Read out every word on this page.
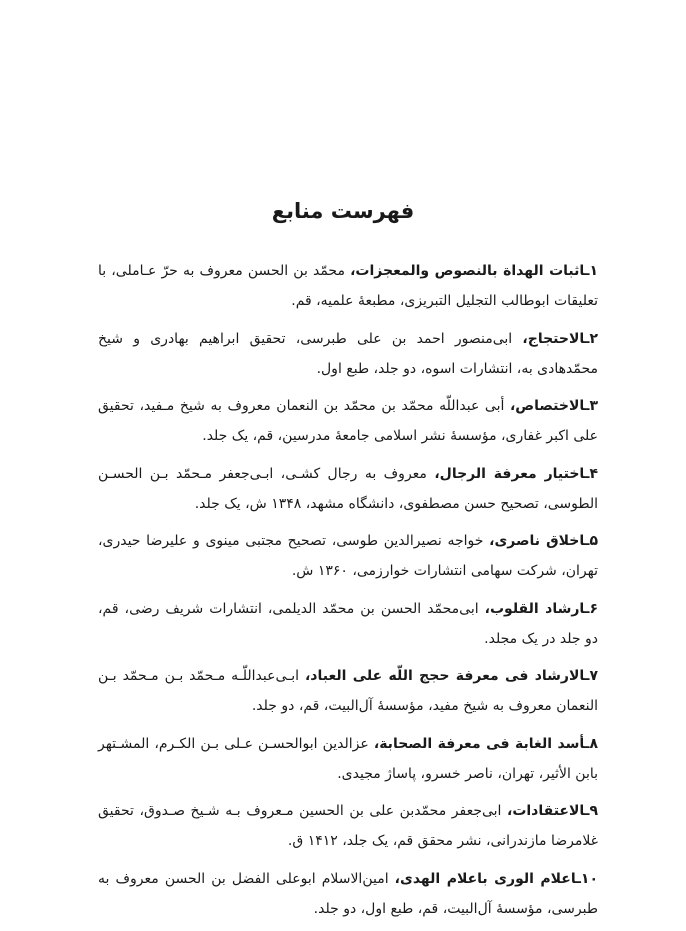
فهرست منابع
۱ـاثبات الهداة بالنصوص والمعجزات، محمّد بن الحسن معروف به حرّ عـاملی، با تعلیقات ابوطالب التجلیل التبریزی، مطبعهٔ علمیه، قم.
۲ـالاحتجاج، ابی‌منصور احمد بن علی طبرسی، تحقیق ابراهیم بهادری و شیخ محمّدهادی به، انتشارات اسوه، دو جلد، طبع اول.
۳ـالاختصاص، أبی عبداللّه محمّد بن محمّد بن النعمان معروف به شیخ مـفید، تحقیق علی اکبر غفاری، مؤسسهٔ نشر اسلامی جامعهٔ مدرسین، قم، یک جلد.
۴ـاختیار معرفة الرجال، معروف به رجال کشـی، ابـی‌جعفر مـحمّد بـن الحسـن الطوسی، تصحیح حسن مصطفوی، دانشگاه مشهد، ۱۳۴۸ ش، یک جلد.
۵ـاخلاق ناصری، خواجه نصیرالدین طوسی، تصحیح مجتبی مینوی و علیرضا حیدری، تهران، شرکت سهامی انتشارات خوارزمی، ۱۳۶۰ ش.
۶ـارشاد القلوب، ابی‌محمّد الحسن بن محمّد الدیلمی، انتشارات شریف رضی، قم، دو جلد در یک مجلد.
۷ـالارشاد فی معرفة حجج اللّه علی العباد، ابـی‌عبداللّـه مـحمّد بـن مـحمّد بـن النعمان معروف به شیخ مفید، مؤسسهٔ آل‌البیت، قم، دو جلد.
۸ـأسد الغابة فی معرفة الصحابة، عزالدین ابوالحسـن عـلی بـن الکـرم، المشـتهر بابن الأثیر، تهران، ناصر خسرو، پاساژ مجیدی.
۹ـالاعتقادات، ابی‌جعفر محمّدبن علی بن الحسین مـعروف بـه شـیخ صـدوق، تحقیق غلامرضا مازندرانی، نشر محقق قم، یک جلد، ۱۴۱۲ ق.
۱۰ـاعلام الوری باعلام الهدی، امین‌الاسلام ابوعلی الفضل بن الحسن معروف به طبرسی، مؤسسهٔ آل‌البیت، قم، طبع اول، دو جلد.
